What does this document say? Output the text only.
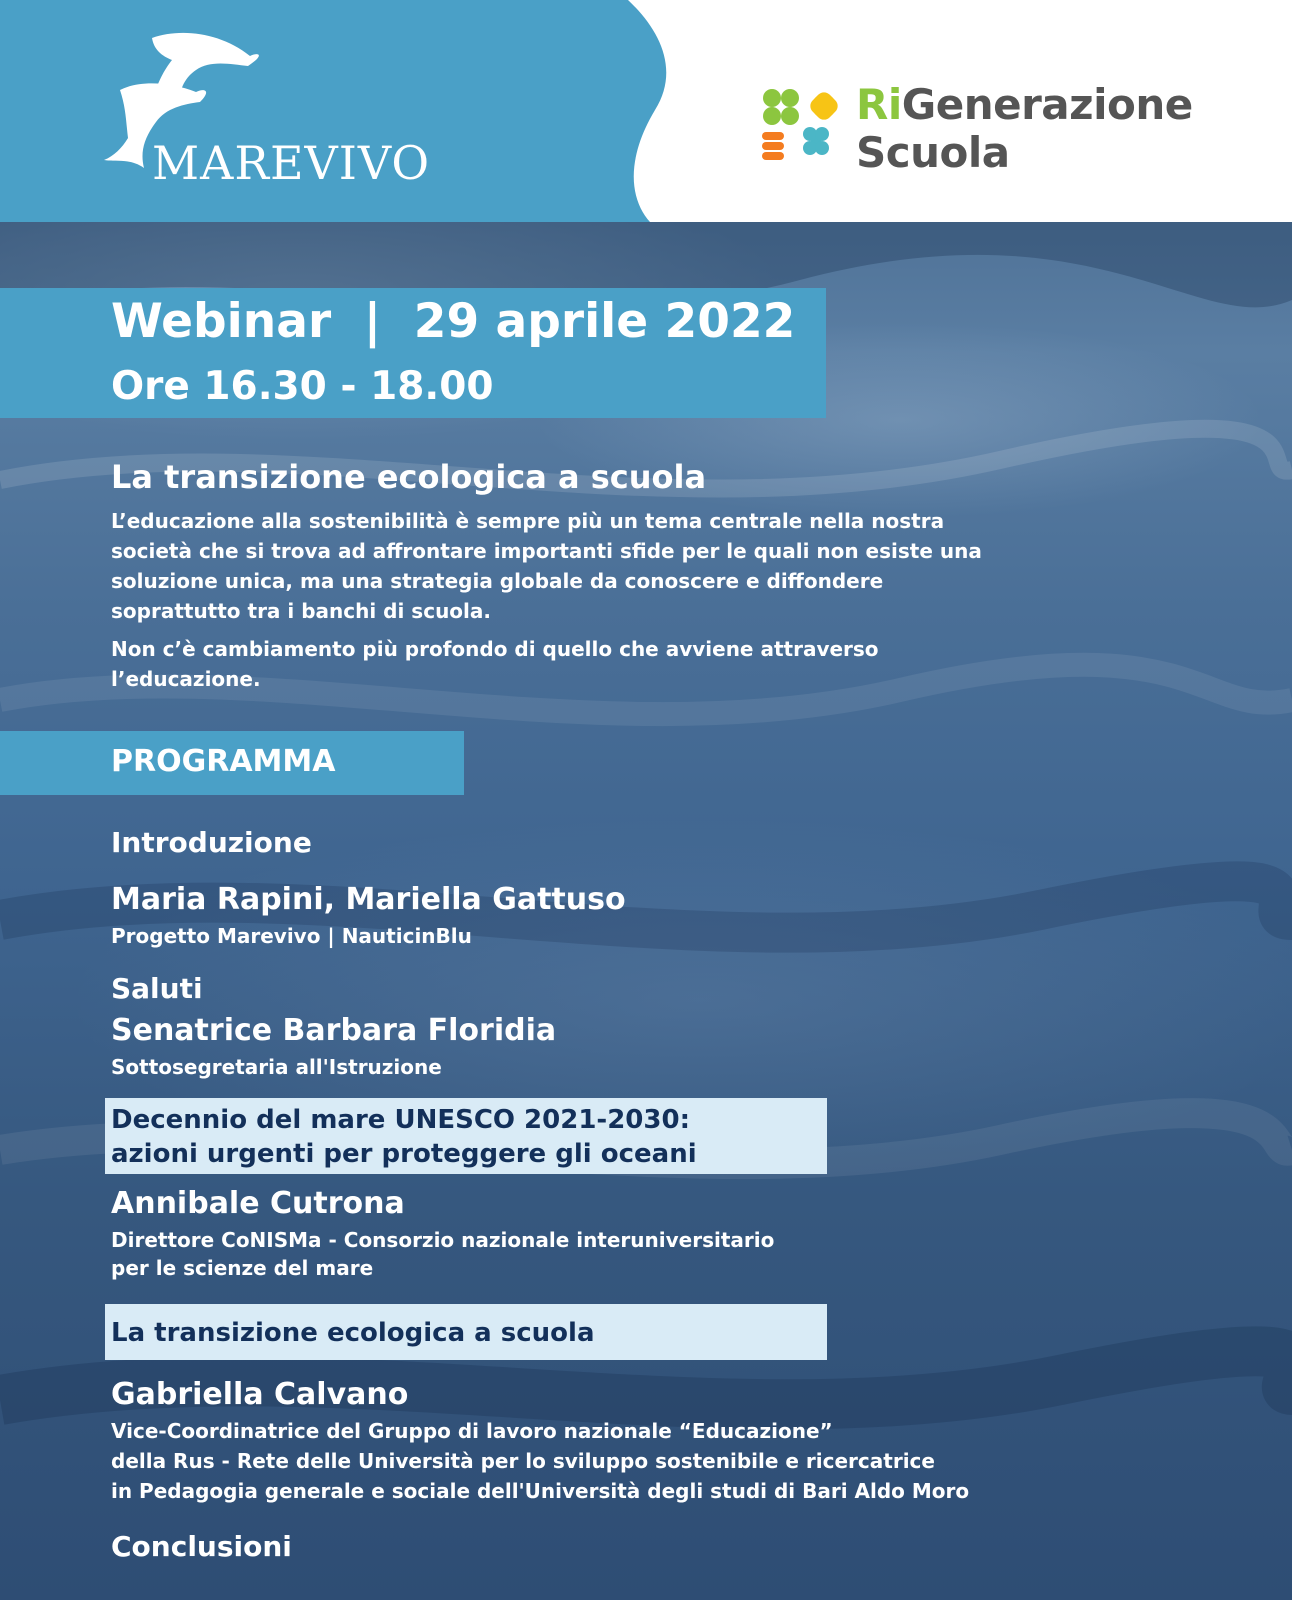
MAREVIVO
RiGenerazione
Scuola
Webinar  |  29 aprile 2022
Ore 16.30 - 18.00
La transizione ecologica a scuola
L’educazione alla sostenibilità è sempre più un tema centrale nella nostra società che si trova ad affrontare importanti sfide per le quali non esiste una soluzione unica, ma una strategia globale da conoscere e diffondere soprattutto tra i banchi di scuola.
Non c’è cambiamento più profondo di quello che avviene attraverso l’educazione.
PROGRAMMA
Introduzione
Maria Rapini, Mariella Gattuso
Progetto Marevivo | NauticinBlu
Saluti
Senatrice Barbara Floridia
Sottosegretaria all'Istruzione
Decennio del mare UNESCO 2021-2030:
azioni urgenti per proteggere gli oceani
Annibale Cutrona
Direttore CoNISMa - Consorzio nazionale interuniversitario
per le scienze del mare
La transizione ecologica a scuola
Gabriella Calvano
Vice-Coordinatrice del Gruppo di lavoro nazionale “Educazione”
della Rus - Rete delle Università per lo sviluppo sostenibile e ricercatrice
in Pedagogia generale e sociale dell'Università degli studi di Bari Aldo Moro
Conclusioni
